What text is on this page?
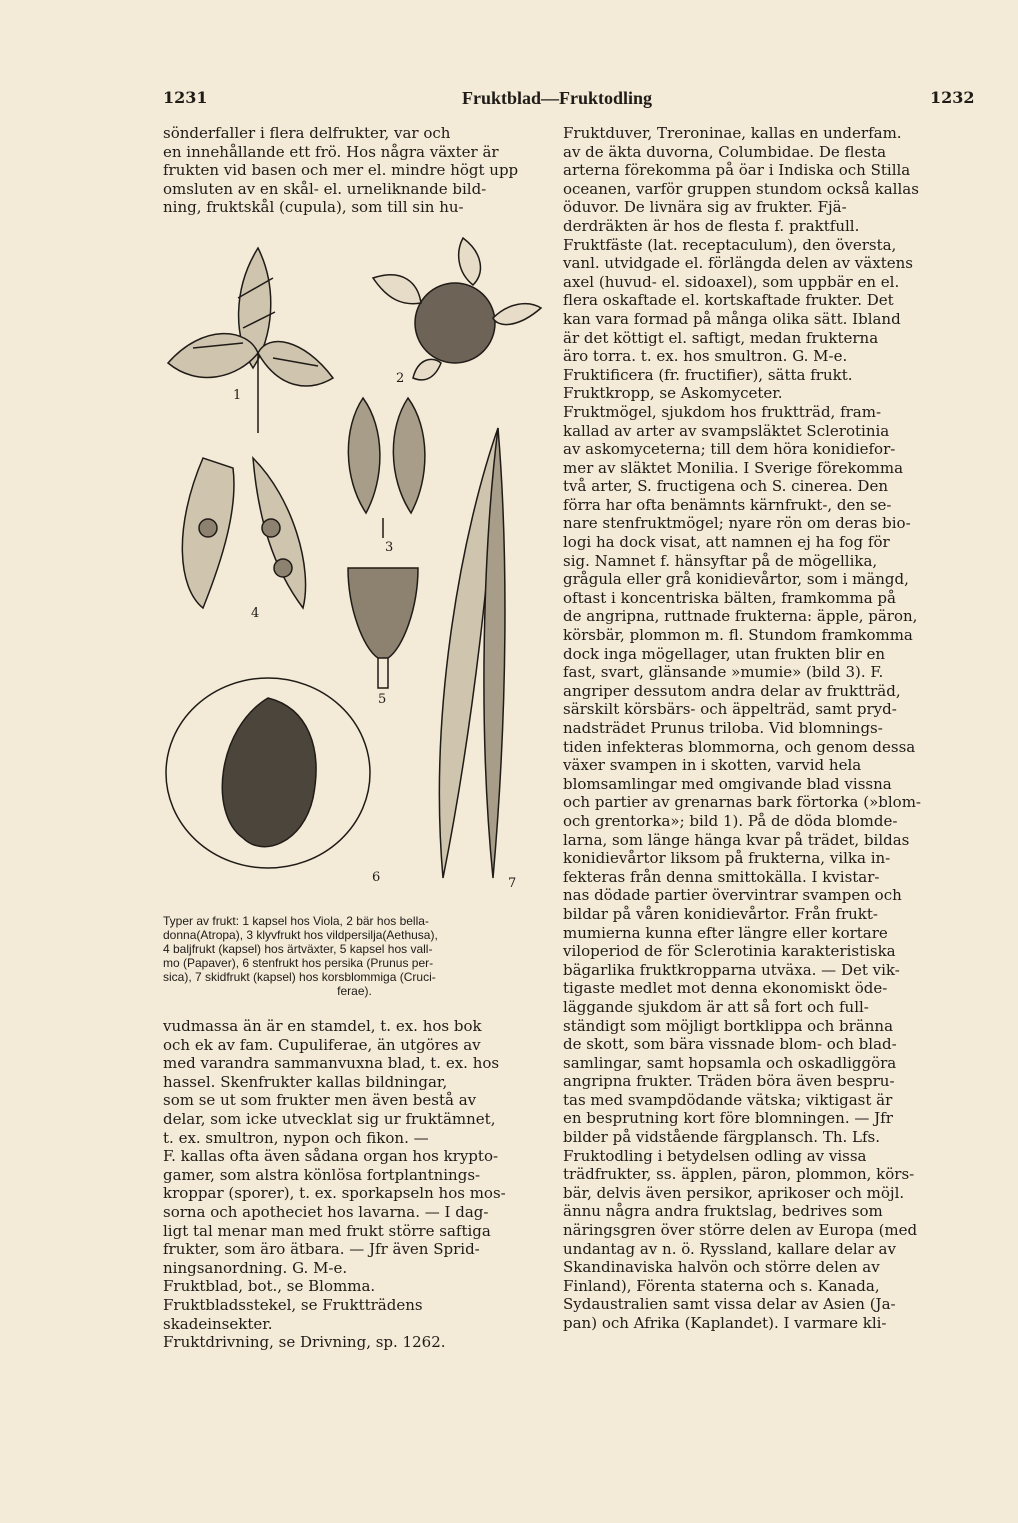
1231	Fruktblad—Fruktodling	1232

sönderfaller i flera delfrukter, var och

en innehållande ett frö. Hos några växter är

frukten vid basen och mer el. mindre högt upp

omsluten av en skål- el. urneliknande bild-

ning, fruktskål (cupula), som till sin hu-

1
2
3
4
5
6	7
Typer av frukt: 1 kapsel hos Viola, 2 bär hos bella-
donna(Atropa), 3 klyvfrukt hos vildpersilja(Aethusa),
4 baljfrukt (kapsel) hos ärtväxter, 5 kapsel hos vall-
mo (Papaver), 6 stenfrukt hos persika (Prunus per-
sica), 7 skidfrukt (kapsel) hos korsblommiga (Cruci-
ferae).

vudmassa än är en stamdel, t. ex. hos bok

och ek av fam. Cupuliferae, än utgöres av

med varandra sammanvuxna blad, t. ex. hos

hassel. Skenfrukter kallas bildningar,

som se ut som frukter men även bestå av

delar, som icke utvecklat sig ur fruktämnet,

t. ex. smultron, nypon och fikon. —

F. kallas ofta även sådana organ hos krypto-

gamer, som alstra könlösa fortplantnings-

kroppar (sporer), t. ex. sporkapseln hos mos-

sorna och apotheciet hos lavarna. — I dag-

ligt tal menar man med frukt större saftiga

frukter, som äro ätbara. — Jfr även Sprid-

ningsanordning. G. M-e.

Fruktblad, bot., se Blomma.

Fruktbladsstekel, se Fruktträdens

skadeinsekter.

Fruktdrivning, se Drivning, sp. 1262.

Fruktduver, Treroninae, kallas en underfam.

av de äkta duvorna, Columbidae. De flesta

arterna förekomma på öar i Indiska och Stilla

oceanen, varför gruppen stundom också kallas

öduvor. De livnära sig av frukter. Fjä-

derdräkten är hos de flesta f. praktfull.

Fruktfäste (lat. receptaculum), den översta,

vanl. utvidgade el. förlängda delen av växtens

axel (huvud- el. sidoaxel), som uppbär en el.

flera oskaftade el. kortskaftade frukter. Det

kan vara formad på många olika sätt. Ibland

är det köttigt el. saftigt, medan frukterna

äro torra. t. ex. hos smultron. G. M-e.

Fruktificera (fr. fructifier), sätta frukt.

Fruktkropp, se Askomyceter.

Fruktmögel, sjukdom hos fruktträd, fram-

kallad av arter av svampsläktet Sclerotinia

av askomyceterna; till dem höra konidiefor-

mer av släktet Monilia. I Sverige förekomma

två arter, S. fructigena och S. cinerea. Den

förra har ofta benämnts kärnfrukt-, den se-

nare stenfruktmögel; nyare rön om deras bio-

logi ha dock visat, att namnen ej ha fog för

sig. Namnet f. hänsyftar på de mögellika,

grågula eller grå konidievårtor, som i mängd,

oftast i koncentriska bälten, framkomma på

de angripna, ruttnade frukterna: äpple, päron,

körsbär, plommon m. fl. Stundom framkomma

dock inga mögellager, utan frukten blir en

fast, svart, glänsande »mumie» (bild 3). F.

angriper dessutom andra delar av fruktträd,

särskilt körsbärs- och äppelträd, samt pryd-

nadsträdet Prunus triloba. Vid blomnings-

tiden infekteras blommorna, och genom dessa

växer svampen in i skotten, varvid hela

blomsamlingar med omgivande blad vissna

och partier av grenarnas bark förtorka (»blom-

och grentorka»; bild 1). På de döda blomde-

larna, som länge hänga kvar på trädet, bildas

konidievårtor liksom på frukterna, vilka in-

fekteras från denna smittokälla. I kvistar-

nas dödade partier övervintrar svampen och

bildar på våren konidievårtor. Från frukt-

mumierna kunna efter längre eller kortare

viloperiod de för Sclerotinia karakteristiska

bägarlika fruktkropparna utväxa. — Det vik-

tigaste medlet mot denna ekonomiskt öde-

läggande sjukdom är att så fort och full-

ständigt som möjligt bortklippa och bränna

de skott, som bära vissnade blom- och blad-

samlingar, samt hopsamla och oskadliggöra

angripna frukter. Träden böra även bespru-

tas med svampdödande vätska; viktigast är

en besprutning kort före blomningen. — Jfr

bilder på vidstående färgplansch. Th. Lfs.

Fruktodling i betydelsen odling av vissa

trädfrukter, ss. äpplen, päron, plommon, körs-

bär, delvis även persikor, aprikoser och möjl.

ännu några andra fruktslag, bedrives som

näringsgren över större delen av Europa (med

undantag av n. ö. Ryssland, kallare delar av

Skandinaviska halvön och större delen av

Finland), Förenta staterna och s. Kanada,

Sydaustralien samt vissa delar av Asien (Ja-

pan) och Afrika (Kaplandet). I varmare kli-
